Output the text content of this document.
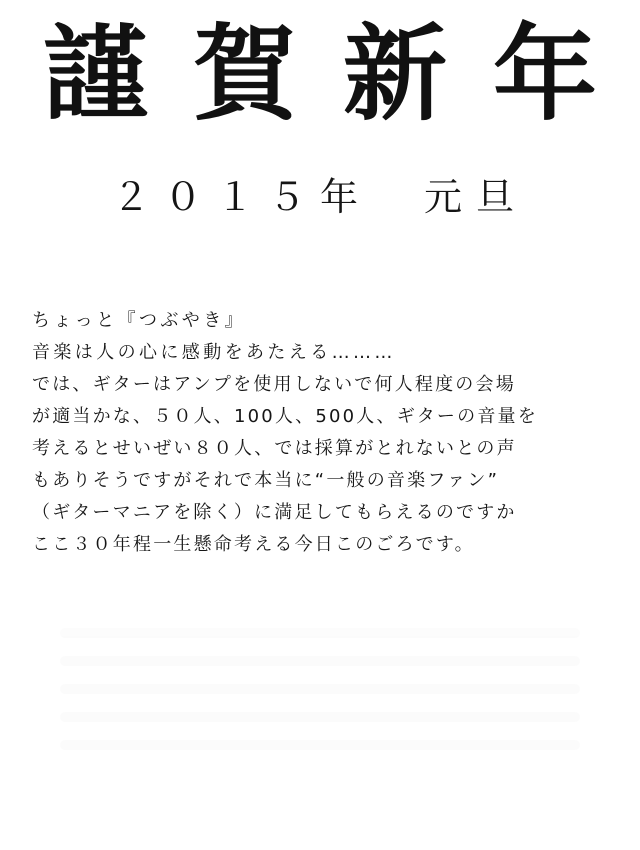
謹 賀 新 年
２０１５年　元旦
ちょっと『つぶやき』
音楽は人の心に感動をあたえる………
では、ギターはアンプを使用しないで何人程度の会場
が適当かな、５０人、100人、500人、ギターの音量を
考えるとせいぜい８０人、では採算がとれないとの声
もありそうですがそれで本当に“一般の音楽ファン”
（ギターマニアを除く）に満足してもらえるのですか
ここ３０年程一生懸命考える今日このごろです。
